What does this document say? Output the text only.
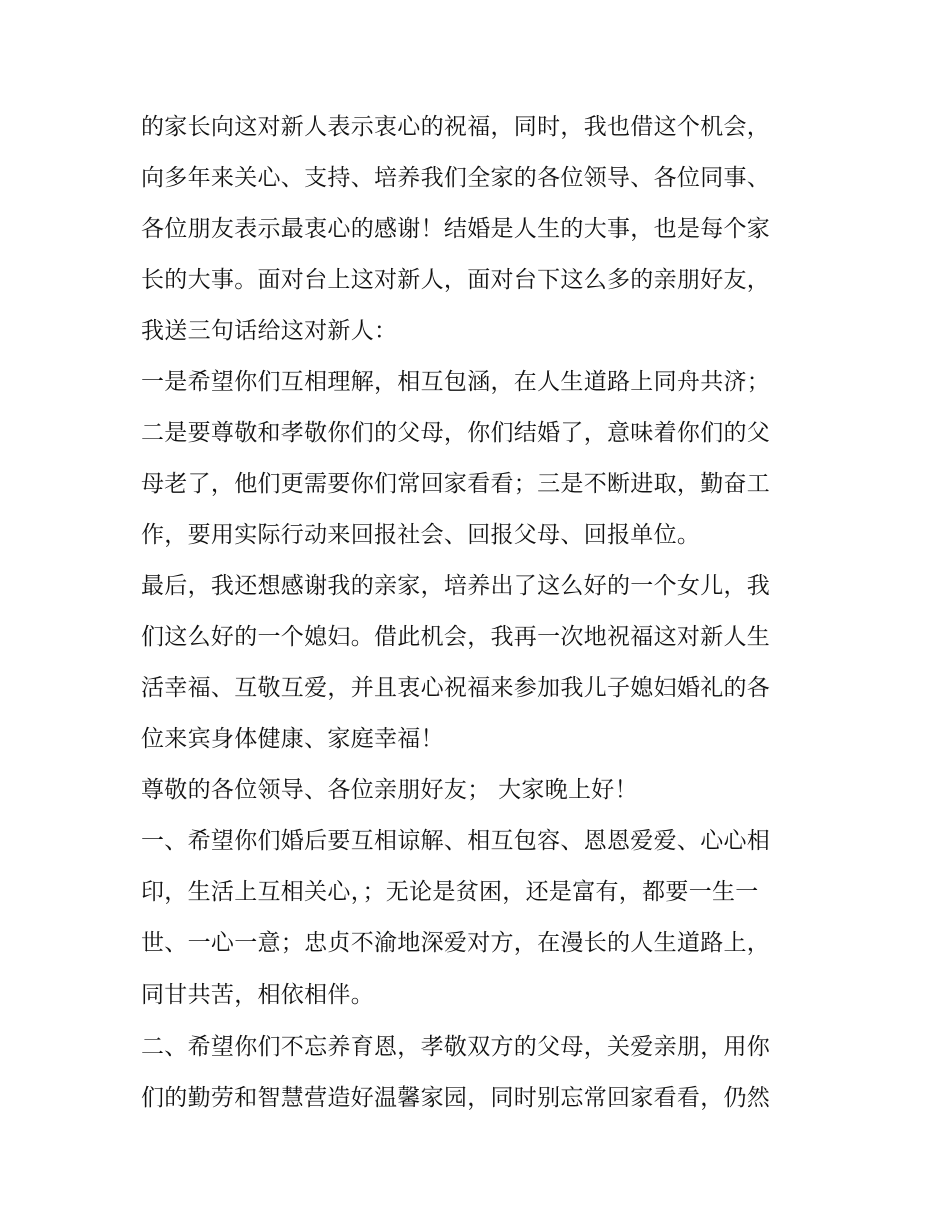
的家长向这对新人表示衷心的祝福，同时，我也借这个机会，
向多年来关心、支持、培养我们全家的各位领导、各位同事、
各位朋友表示最衷心的感谢！结婚是人生的大事，也是每个家
长的大事。面对台上这对新人，面对台下这么多的亲朋好友，
我送三句话给这对新人：
一是希望你们互相理解，相互包涵，在人生道路上同舟共济；
二是要尊敬和孝敬你们的父母，你们结婚了，意味着你们的父
母老了，他们更需要你们常回家看看；三是不断进取，勤奋工
作，要用实际行动来回报社会、回报父母、回报单位。
最后，我还想感谢我的亲家，培养出了这么好的一个女儿，我
们这么好的一个媳妇。借此机会，我再一次地祝福这对新人生
活幸福、互敬互爱，并且衷心祝福来参加我儿子媳妇婚礼的各
位来宾身体健康、家庭幸福！
尊敬的各位领导、各位亲朋好友； 大家晚上好！
一、希望你们婚后要互相谅解、相互包容、恩恩爱爱、心心相
印，生活上互相关心，；无论是贫困，还是富有，都要一生一
世、一心一意；忠贞不渝地深爱对方，在漫长的人生道路上，
同甘共苦，相依相伴。
二、希望你们不忘养育恩，孝敬双方的父母，关爱亲朋，用你
们的勤劳和智慧营造好温馨家园，同时别忘常回家看看，仍然
